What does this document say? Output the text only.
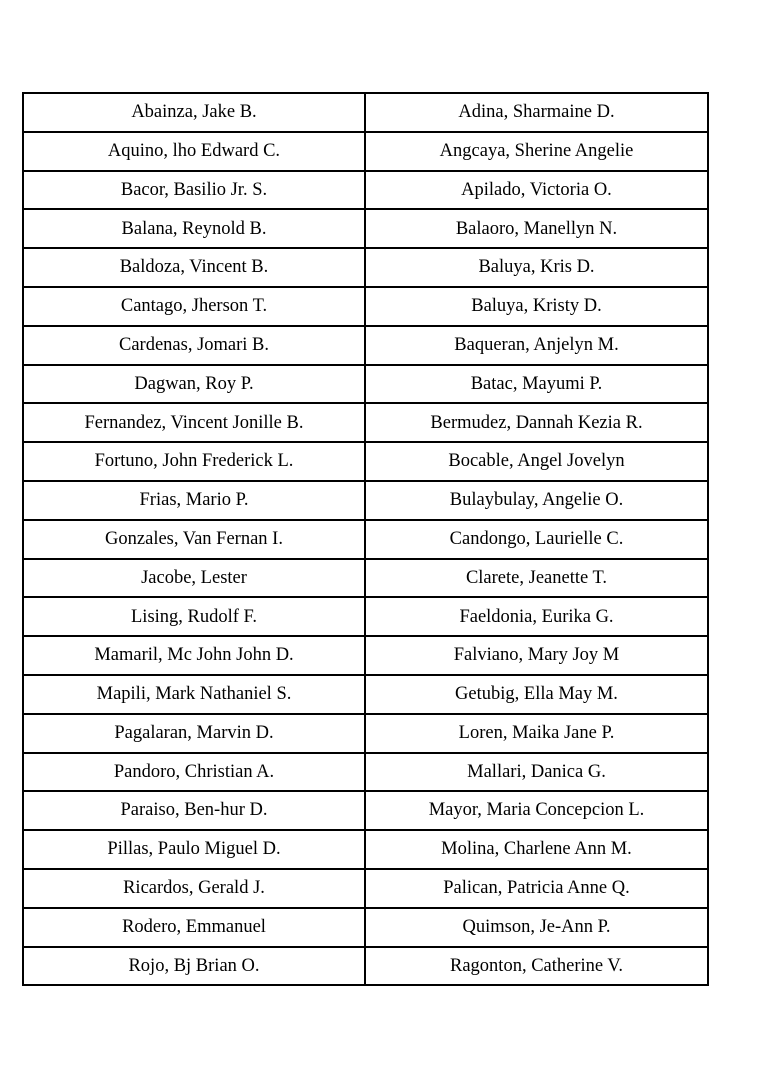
Abainza, Jake B.	Adina, Sharmaine D.
Aquino, lho Edward C.	Angcaya, Sherine Angelie
Bacor, Basilio Jr. S.	Apilado, Victoria O.
Balana, Reynold B.	Balaoro, Manellyn N.
Baldoza, Vincent B.	Baluya, Kris D.
Cantago, Jherson T.	Baluya, Kristy D.
Cardenas, Jomari B.	Baqueran, Anjelyn M.
Dagwan, Roy P.	Batac, Mayumi P.
Fernandez, Vincent Jonille B.	Bermudez, Dannah Kezia R.
Fortuno, John Frederick L.	Bocable, Angel Jovelyn
Frias, Mario P.	Bulaybulay, Angelie O.
Gonzales, Van Fernan I.	Candongo, Laurielle C.
Jacobe, Lester	Clarete, Jeanette T.
Lising, Rudolf F.	Faeldonia, Eurika G.
Mamaril, Mc John John D.	Falviano, Mary Joy M
Mapili, Mark Nathaniel S.	Getubig, Ella May M.
Pagalaran, Marvin D.	Loren, Maika Jane P.
Pandoro, Christian A.	Mallari, Danica G.
Paraiso, Ben-hur D.	Mayor, Maria Concepcion L.
Pillas, Paulo Miguel D.	Molina, Charlene Ann M.
Ricardos, Gerald J.	Palican, Patricia Anne Q.
Rodero, Emmanuel	Quimson, Je-Ann P.
Rojo, Bj Brian O.	Ragonton, Catherine V.
